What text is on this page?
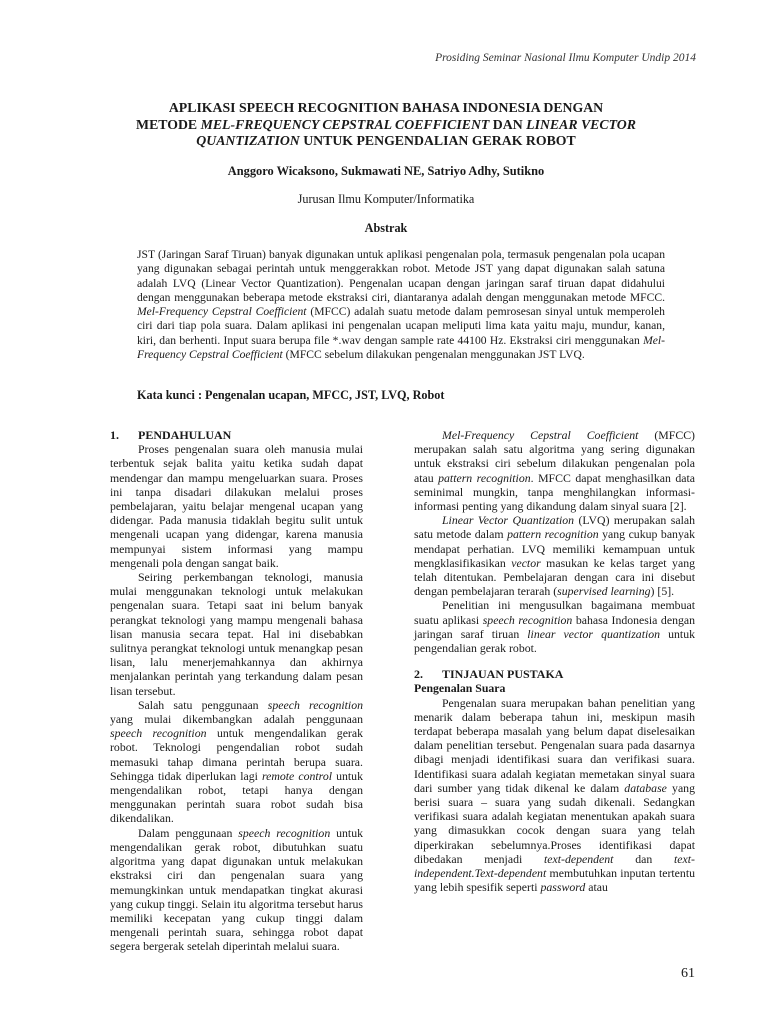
Prosiding Seminar Nasional Ilmu Komputer Undip 2014
APLIKASI SPEECH RECOGNITION BAHASA INDONESIA DENGAN
METODE MEL-FREQUENCY CEPSTRAL COEFFICIENT DAN LINEAR VECTOR
QUANTIZATION UNTUK PENGENDALIAN GERAK ROBOT
Anggoro Wicaksono, Sukmawati NE, Satriyo Adhy, Sutikno
Jurusan Ilmu Komputer/Informatika
Abstrak

JST (Jaringan Saraf Tiruan) banyak digunakan untuk aplikasi pengenalan pola, termasuk pengenalan pola ucapan yang digunakan sebagai perintah untuk menggerakkan robot. Metode JST yang dapat digunakan salah satuna adalah LVQ (Linear Vector Quantization). Pengenalan ucapan dengan jaringan saraf tiruan dapat didahului dengan menggunakan beberapa metode ekstraksi ciri, diantaranya adalah dengan menggunakan metode MFCC. Mel-Frequency Cepstral Coefficient (MFCC) adalah suatu metode dalam pemrosesan sinyal untuk memperoleh ciri dari tiap pola suara. Dalam aplikasi ini pengenalan ucapan meliputi lima kata yaitu maju, mundur, kanan, kiri, dan berhenti. Input suara berupa file *.wav dengan sample rate 44100 Hz. Ekstraksi ciri menggunakan Mel-Frequency Cepstral Coefficient (MFCC sebelum dilakukan pengenalan menggunakan JST LVQ.

Kata kunci : Pengenalan ucapan, MFCC, JST, LVQ, Robot
1.	PENDAHULUAN

Proses pengenalan suara oleh manusia mulai terbentuk sejak balita yaitu ketika sudah dapat mendengar dan mampu mengeluarkan suara. Proses ini tanpa disadari dilakukan melalui proses pembelajaran, yaitu belajar mengenal ucapan yang didengar. Pada manusia tidaklah begitu sulit untuk mengenali ucapan yang didengar, karena manusia mempunyai sistem informasi yang mampu mengenali pola dengan sangat baik.

Seiring perkembangan teknologi, manusia mulai menggunakan teknologi untuk melakukan pengenalan suara. Tetapi saat ini belum banyak perangkat teknologi yang mampu mengenali bahasa lisan manusia secara tepat. Hal ini disebabkan sulitnya perangkat teknologi untuk menangkap pesan lisan, lalu menerjemahkannya dan akhirnya menjalankan perintah yang terkandung dalam pesan lisan tersebut.

Salah satu penggunaan speech recognition yang mulai dikembangkan adalah penggunaan speech recognition untuk mengendalikan gerak robot. Teknologi pengendalian robot sudah memasuki tahap dimana perintah berupa suara. Sehingga tidak diperlukan lagi remote control untuk mengendalikan robot, tetapi hanya dengan menggunakan perintah suara robot sudah bisa dikendalikan.

Dalam penggunaan speech recognition untuk mengendalikan gerak robot, dibutuhkan suatu algoritma yang dapat digunakan untuk melakukan ekstraksi ciri dan pengenalan suara yang memungkinkan untuk mendapatkan tingkat akurasi yang cukup tinggi. Selain itu algoritma tersebut harus memiliki kecepatan yang cukup tinggi dalam mengenali perintah suara, sehingga robot dapat segera bergerak setelah diperintah melalui suara.

Mel-Frequency Cepstral Coefficient (MFCC) merupakan salah satu algoritma yang sering digunakan untuk ekstraksi ciri sebelum dilakukan pengenalan pola atau pattern recognition. MFCC dapat menghasilkan data seminimal mungkin, tanpa menghilangkan informasi-informasi penting yang dikandung dalam sinyal suara [2].

Linear Vector Quantization (LVQ) merupakan salah satu metode dalam pattern recognition yang cukup banyak mendapat perhatian. LVQ memiliki kemampuan untuk mengklasifikasikan vector masukan ke kelas target yang telah ditentukan. Pembelajaran dengan cara ini disebut dengan pembelajaran terarah (supervised learning) [5].

Penelitian ini mengusulkan bagaimana membuat suatu aplikasi speech recognition bahasa Indonesia dengan jaringan saraf tiruan linear vector quantization untuk pengendalian gerak robot.

2.	TINJAUAN PUSTAKA
Pengenalan Suara

Pengenalan suara merupakan bahan penelitian yang menarik dalam beberapa tahun ini, meskipun masih terdapat beberapa masalah yang belum dapat diselesaikan dalam penelitian tersebut. Pengenalan suara pada dasarnya dibagi menjadi identifikasi suara dan verifikasi suara. Identifikasi suara adalah kegiatan memetakan sinyal suara dari sumber yang tidak dikenal ke dalam database yang berisi suara – suara yang sudah dikenali. Sedangkan verifikasi suara adalah kegiatan menentukan apakah suara yang dimasukkan cocok dengan suara yang telah diperkirakan sebelumnya.Proses identifikasi dapat dibedakan menjadi text-dependent dan text-independent.Text-dependent membutuhkan inputan tertentu yang lebih spesifik seperti password atau

61
